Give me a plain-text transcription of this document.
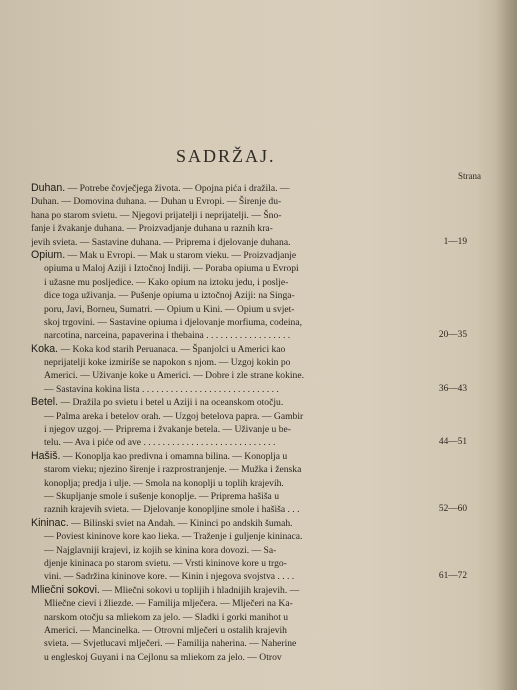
SADRŽAJ.
Strana
Duhan. — Potrebe čovječjega života. — Opojna pića i dražila. —
Duhan. — Domovina duhana. — Duhan u Evropi. — Širenje du-
hana po starom svietu. — Njegovi prijatelji i neprijatelji. — Šno-
fanje i žvakanje duhana. — Proizvadjanje duhana u raznih kra-
jevih svieta. — Sastavine duhana. — Priprema i djelovanje duhana.	1—19
Opium. — Mak u Evropi. — Mak u starom vieku. — Proizvadjanje
opiuma u Maloj Aziji i Iztočnoj Indiji. — Poraba opiuma u Evropi
i užasne mu posljedice. — Kako opium na iztoku jedu, i poslje-
dice toga uživanja. — Pušenje opiuma u iztočnoj Aziji: na Singa-
poru, Javi, Borneu, Sumatri. — Opium u Kini. — Opium u svjet-
skoj trgovini. — Sastavine opiuma i djelovanje morfiuma, codeina,
narcotina, narceina, papaverina i thebaina . . . . . . . . . . . . . . . . . .	20—35
Koka. — Koka kod starih Peruanaca. — Španjolci u Americi kao
neprijatelji koke izmiriše se napokon s njom. — Uzgoj kokin po
Americi. — Uživanje koke u Americi. — Dobre i zle strane kokine.
— Sastavina kokina lista . . . . . . . . . . . . . . . . . . . . . . . . . . . . .	36—43
Betel. — Dražila po svietu i betel u Aziji i na oceanskom otočju.
— Palma areka i betelov orah. — Uzgoj betelova papra. — Gambir
i njegov uzgoj. — Priprema i žvakanje betela. — Uživanje u be-
telu. — Ava i piće od ave . . . . . . . . . . . . . . . . . . . . . . . . . . . .	44—51
Hašiš. — Konoplja kao predivna i omamna bilina. — Konoplja u
starom vieku; njezino širenje i razprostranjenje. — Mužka i ženska
konoplja; predja i ulje. — Smola na konoplji u toplih krajevih.
— Skupljanje smole i sušenje konoplje. — Priprema hašiša u
raznih krajevih svieta. — Djelovanje konopljine smole i hašiša . . .	52—60
Kininac. — Bilinski sviet na Andah. — Kininci po andskih šumah.
— Poviest kininove kore kao lieka. — Traženje i guljenje kininaca.
— Najglavniji krajevi, iz kojih se kinina kora dovozi. — Sa-
djenje kininaca po starom svietu. — Vrsti kininove kore u trgo-
vini. — Sadržina kininove kore. — Kinin i njegova svojstva . . . .	61—72
Mliečni sokovi. — Mliečni sokovi u toplijih i hladnijih krajevih. —
Mliečne cievi i žliezde. — Familija mlječera. — Mlječeri na Ka-
narskom otočju sa mliekom za jelo. — Sladki i gorki manihot u
Americi. — Mancinelka. — Otrovni mlječeri u ostalih krajevih
svieta. — Svjetlucavi mlječeri. — Familija naherina. — Naherine
u engleskoj Guyani i na Cejlonu sa mliekom za jelo. — Otrov
